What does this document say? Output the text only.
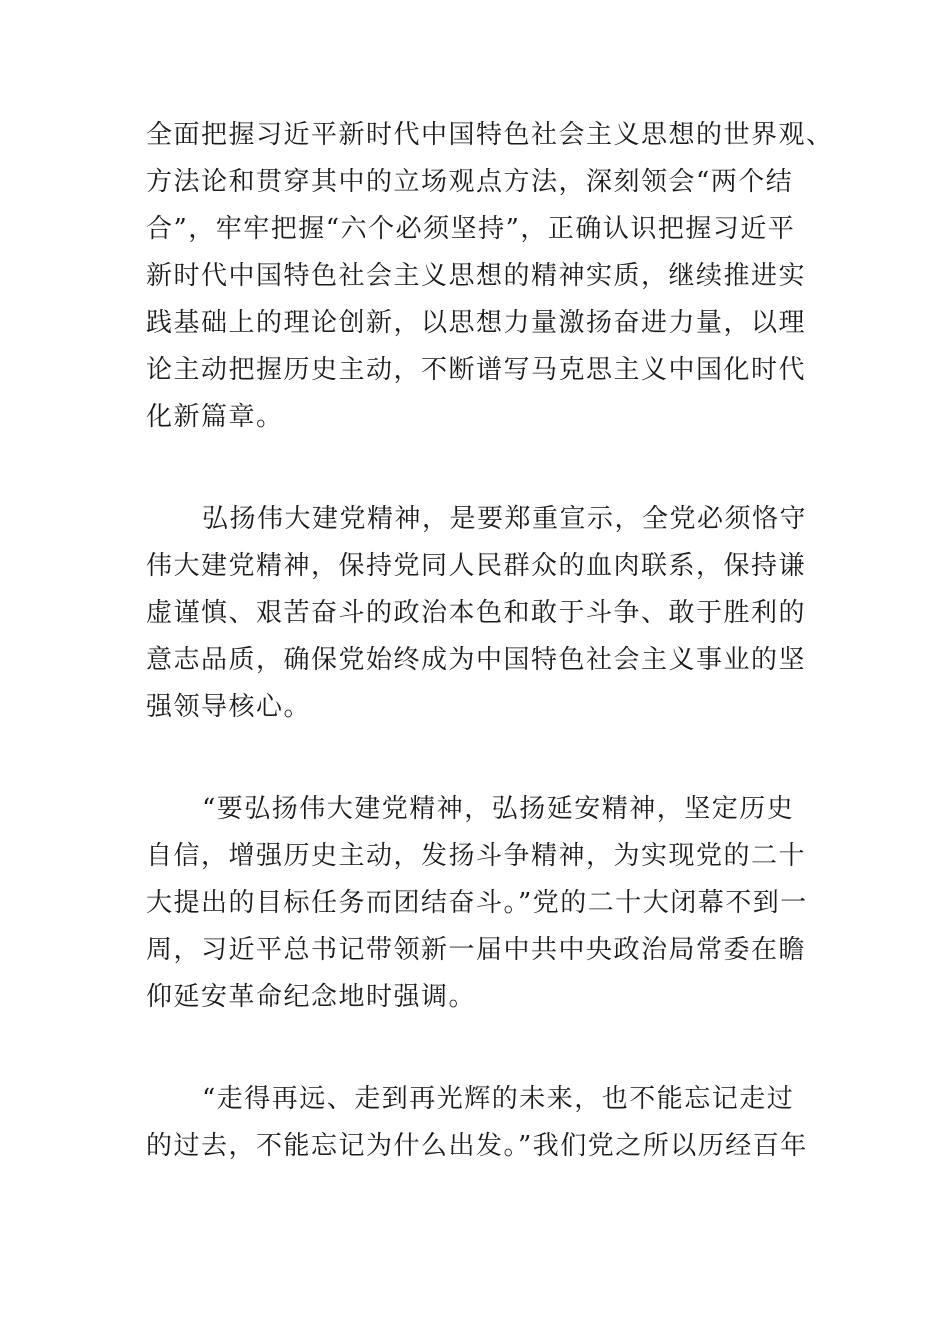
全面把握习近平新时代中国特色社会主义思想的世界观、
方法论和贯穿其中的立场观点方法，深刻领会“两个结
合”，牢牢把握“六个必须坚持”，正确认识把握习近平
新时代中国特色社会主义思想的精神实质，继续推进实
践基础上的理论创新，以思想力量激扬奋进力量，以理
论主动把握历史主动，不断谱写马克思主义中国化时代
化新篇章。
弘扬伟大建党精神，是要郑重宣示，全党必须恪守
伟大建党精神，保持党同人民群众的血肉联系，保持谦
虚谨慎、艰苦奋斗的政治本色和敢于斗争、敢于胜利的
意志品质，确保党始终成为中国特色社会主义事业的坚
强领导核心。
“要弘扬伟大建党精神，弘扬延安精神，坚定历史
自信，增强历史主动，发扬斗争精神，为实现党的二十
大提出的目标任务而团结奋斗。”党的二十大闭幕不到一
周，习近平总书记带领新一届中共中央政治局常委在瞻
仰延安革命纪念地时强调。
“走得再远、走到再光辉的未来，也不能忘记走过
的过去，不能忘记为什么出发。”我们党之所以历经百年
